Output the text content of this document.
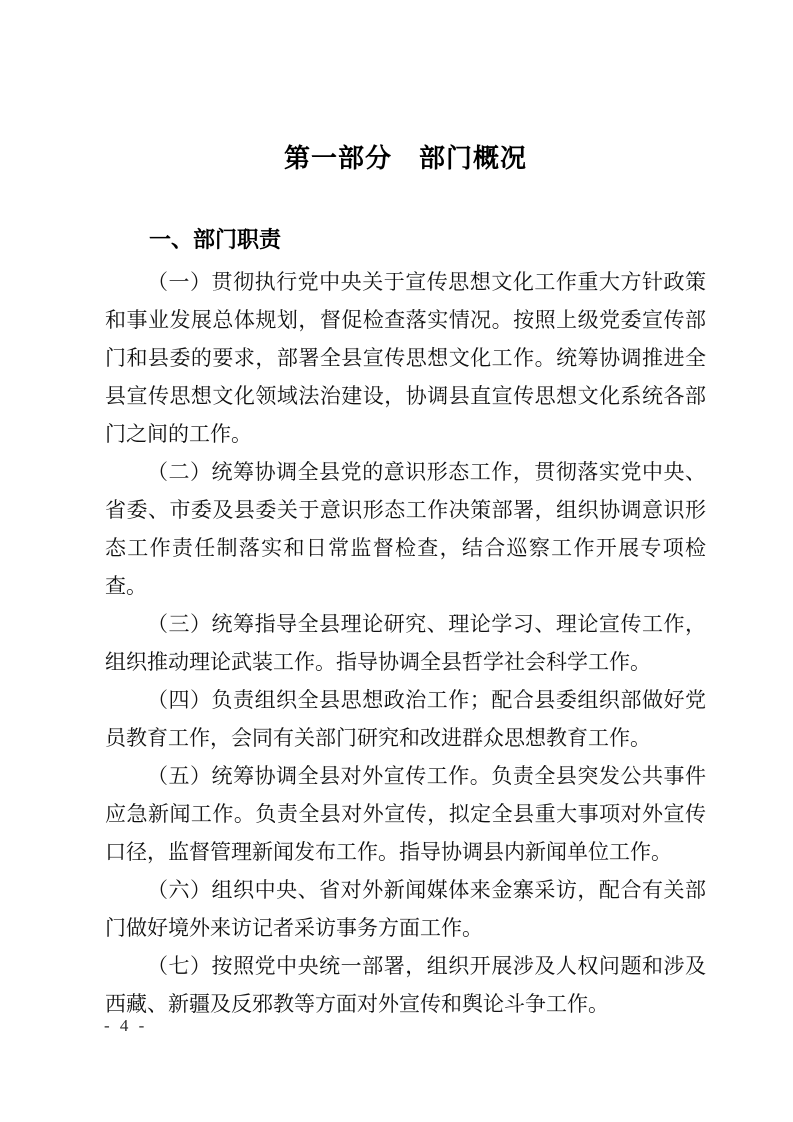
第一部分　部门概况
一、部门职责

（一）贯彻执行党中央关于宣传思想文化工作重大方针政策和事业发展总体规划，督促检查落实情况。按照上级党委宣传部门和县委的要求，部署全县宣传思想文化工作。统筹协调推进全县宣传思想文化领域法治建设，协调县直宣传思想文化系统各部门之间的工作。

（二）统筹协调全县党的意识形态工作，贯彻落实党中央、省委、市委及县委关于意识形态工作决策部署，组织协调意识形态工作责任制落实和日常监督检查，结合巡察工作开展专项检查。

（三）统筹指导全县理论研究、理论学习、理论宣传工作，组织推动理论武装工作。指导协调全县哲学社会科学工作。

（四）负责组织全县思想政治工作；配合县委组织部做好党员教育工作，会同有关部门研究和改进群众思想教育工作。

（五）统筹协调全县对外宣传工作。负责全县突发公共事件应急新闻工作。负责全县对外宣传，拟定全县重大事项对外宣传口径，监督管理新闻发布工作。指导协调县内新闻单位工作。

（六）组织中央、省对外新闻媒体来金寨采访，配合有关部门做好境外来访记者采访事务方面工作。

（七）按照党中央统一部署，组织开展涉及人权问题和涉及西藏、新疆及反邪教等方面对外宣传和舆论斗争工作。

- 4 -
